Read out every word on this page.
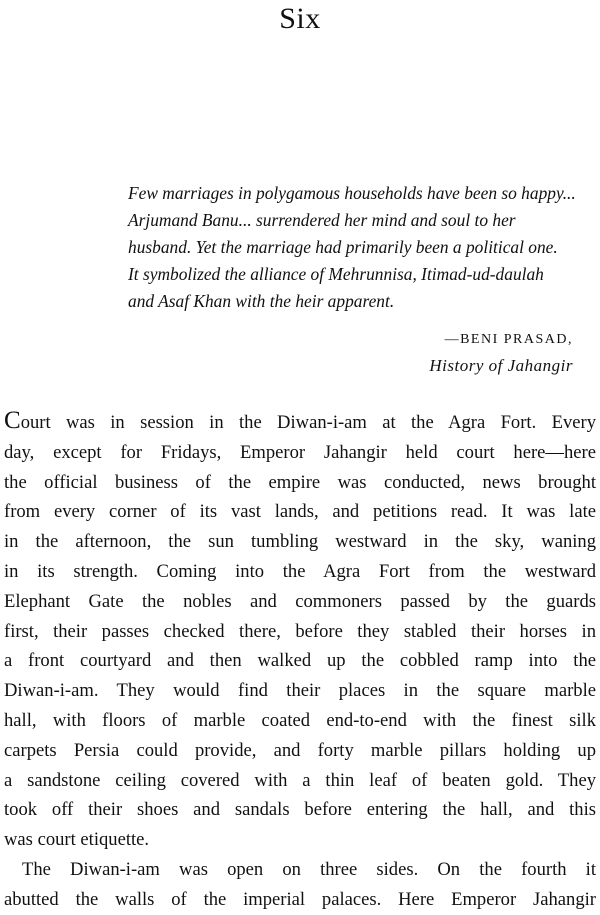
Six
Few marriages in polygamous households have been so happy...
Arjumand Banu... surrendered her mind and soul to her
husband. Yet the marriage had primarily been a political one.
It symbolized the alliance of Mehrunnisa, Itimad-ud-daulah
and Asaf Khan with the heir apparent.
—BENI PRASAD,
History of Jahangir
Court was in session in the Diwan-i-am at the Agra Fort. Every
day, except for Fridays, Emperor Jahangir held court here—here
the official business of the empire was conducted, news brought
from every corner of its vast lands, and petitions read. It was late
in the afternoon, the sun tumbling westward in the sky, waning
in its strength. Coming into the Agra Fort from the westward
Elephant Gate the nobles and commoners passed by the guards
first, their passes checked there, before they stabled their horses in
a front courtyard and then walked up the cobbled ramp into the
Diwan-i-am. They would find their places in the square marble
hall, with floors of marble coated end-to-end with the finest silk
carpets Persia could provide, and forty marble pillars holding up
a sandstone ceiling covered with a thin leaf of beaten gold. They
took off their shoes and sandals before entering the hall, and this
was court etiquette.
The Diwan-i-am was open on three sides. On the fourth it
abutted the walls of the imperial palaces. Here Emperor Jahangir
